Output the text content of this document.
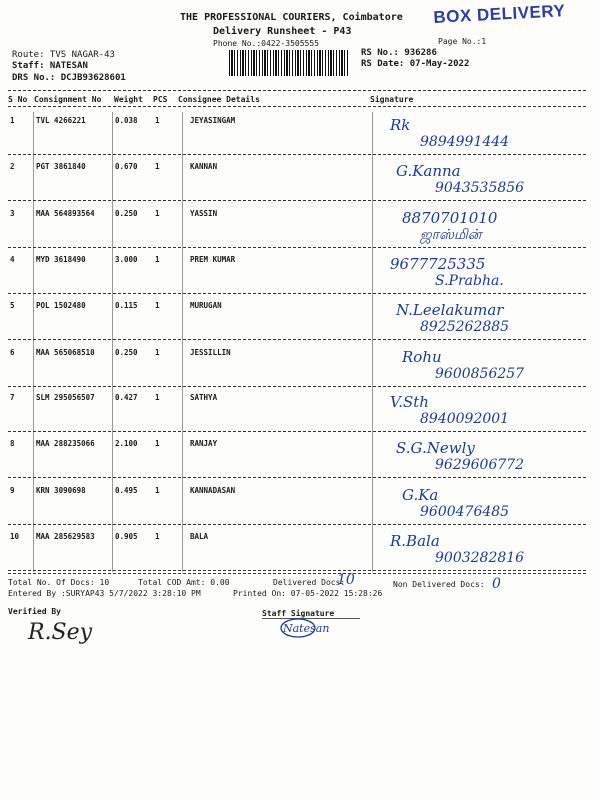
THE PROFESSIONAL COURIERS, Coimbatore
Delivery Runsheet - P43
Phone No.:0422-3505555	Page No.:1
BOX DELIVERY
Route: TVS NAGAR-43
Staff: NATESAN
DRS No.: DCJB93628601
RS No.: 936286
RS Date: 07-May-2022
S No Consignment No Weight PCS Consignee Details	Signature
1	TVL 4266221	0.038 1	JEYASINGAM	Rk
9894991444
2	PGT 3861840	0.670 1	KANNAN	G.Kanna
9043535856
3	MAA 564893564	0.250 1	YASSIN	8870701010
ஜாஸ்மின்
4	MYD 3618490	3.000 1	PREM KUMAR	9677725335
S.Prabha.
5	POL 1502480	0.115 1	MURUGAN	N.Leelakumar
8925262885
6	MAA 565068510	0.250 1	JESSILLIN	Rohu
9600856257
7	SLM 295056507	0.427 1	SATHYA	V.Sth
8940092001
8	MAA 288235066	2.100 1	RANJAY	S.G.Newly
9629606772
9	KRN 3090698	0.495 1	KANNADASAN	G.Ka
9600476485
10 MAA 285629583	0.905 1	BALA	R.Bala
9003282816
Total No. Of Docs: 10	Total COD Amt: 0.00	Delivered Docs:
10	Non Delivered Docs: 0
Entered By :SURYAP43 5/7/2022 3:28:10 PM	Printed On: 07-05-2022 15:28:26
Verified By
R.Sey
Staff Signature
Natesan
